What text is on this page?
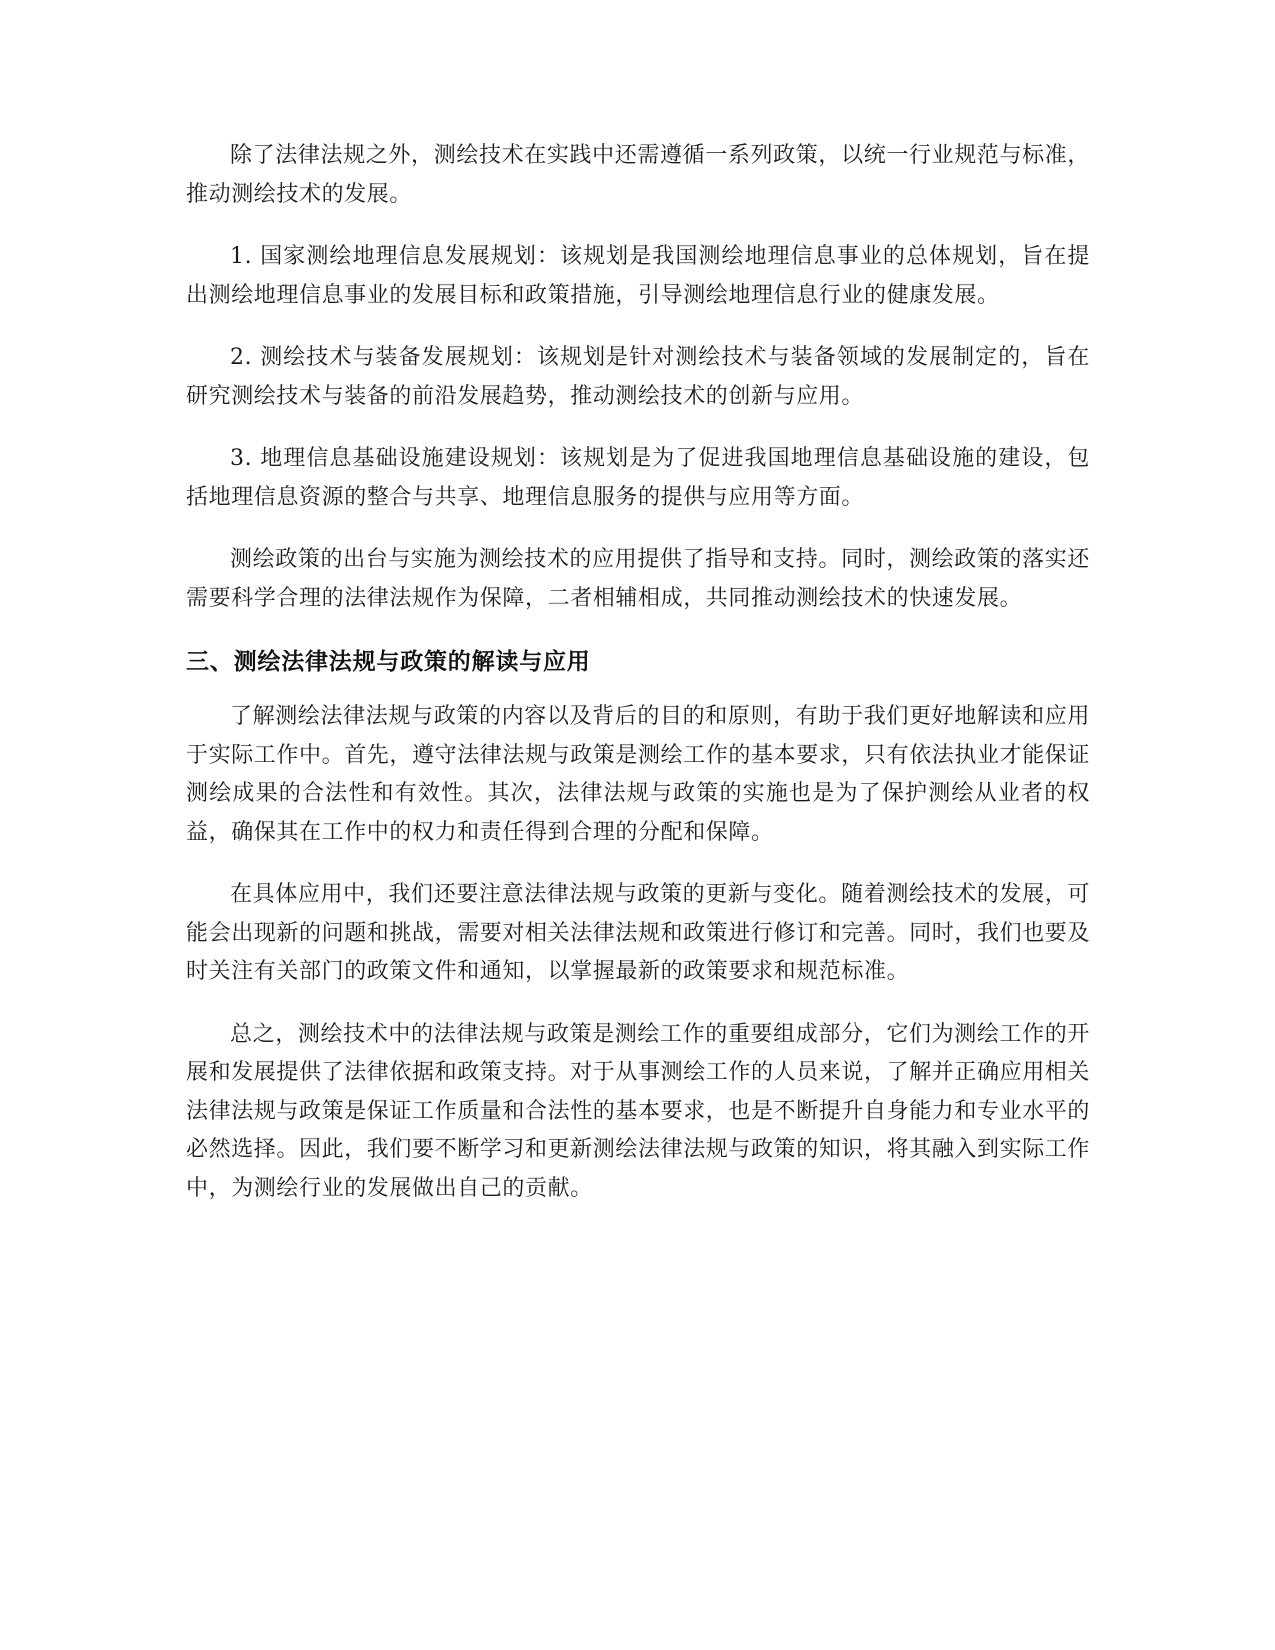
除了法律法规之外，测绘技术在实践中还需遵循一系列政策，以统一行业规范与标准，推动测绘技术的发展。

1. 国家测绘地理信息发展规划：该规划是我国测绘地理信息事业的总体规划，旨在提出测绘地理信息事业的发展目标和政策措施，引导测绘地理信息行业的健康发展。

2. 测绘技术与装备发展规划：该规划是针对测绘技术与装备领域的发展制定的，旨在研究测绘技术与装备的前沿发展趋势，推动测绘技术的创新与应用。

3. 地理信息基础设施建设规划：该规划是为了促进我国地理信息基础设施的建设，包括地理信息资源的整合与共享、地理信息服务的提供与应用等方面。

测绘政策的出台与实施为测绘技术的应用提供了指导和支持。同时，测绘政策的落实还需要科学合理的法律法规作为保障，二者相辅相成，共同推动测绘技术的快速发展。

三、测绘法律法规与政策的解读与应用

了解测绘法律法规与政策的内容以及背后的目的和原则，有助于我们更好地解读和应用于实际工作中。首先，遵守法律法规与政策是测绘工作的基本要求，只有依法执业才能保证测绘成果的合法性和有效性。其次，法律法规与政策的实施也是为了保护测绘从业者的权益，确保其在工作中的权力和责任得到合理的分配和保障。

在具体应用中，我们还要注意法律法规与政策的更新与变化。随着测绘技术的发展，可能会出现新的问题和挑战，需要对相关法律法规和政策进行修订和完善。同时，我们也要及时关注有关部门的政策文件和通知，以掌握最新的政策要求和规范标准。

总之，测绘技术中的法律法规与政策是测绘工作的重要组成部分，它们为测绘工作的开展和发展提供了法律依据和政策支持。对于从事测绘工作的人员来说，了解并正确应用相关法律法规与政策是保证工作质量和合法性的基本要求，也是不断提升自身能力和专业水平的必然选择。因此，我们要不断学习和更新测绘法律法规与政策的知识，将其融入到实际工作中，为测绘行业的发展做出自己的贡献。
